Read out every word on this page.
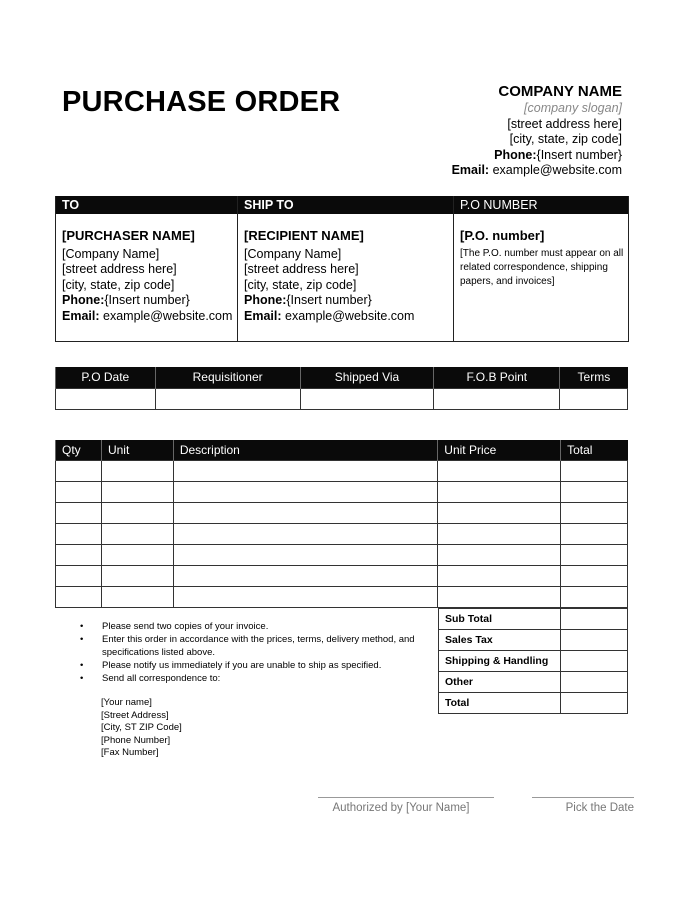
PURCHASE ORDER	COMPANY NAME
[company slogan]
[street address here]
[city, state, zip code]
Phone:{Insert number}
Email: example@website.com
TO
[PURCHASER NAME]
[Company Name]
[street address here]
[city, state, zip code]
Phone:{Insert number}
Email: example@website.com
SHIP TO
[RECIPIENT NAME]
[Company Name]
[street address here]
[city, state, zip code]
Phone:{Insert number}
Email: example@website.com
P.O NUMBER
[P.O. number]
[The P.O. number must appear on all related correspondence, shipping papers, and invoices]
P.O Date	Requisitioner	Shipped Via	F.O.B Point	Terms

Qty	Unit	Description	Unit Price	Total

Sub Total	
Sales Tax	
Shipping & Handling	
Other	
Total	
• Please send two copies of your invoice.
• Enter this order in accordance with the prices, terms, delivery method, and specifications listed above.
• Please notify us immediately if you are unable to ship as specified.
• Send all correspondence to:
[Your name]
[Street Address]
[City, ST ZIP Code]
[Phone Number]
[Fax Number]
Authorized by [Your Name]	Pick the Date
